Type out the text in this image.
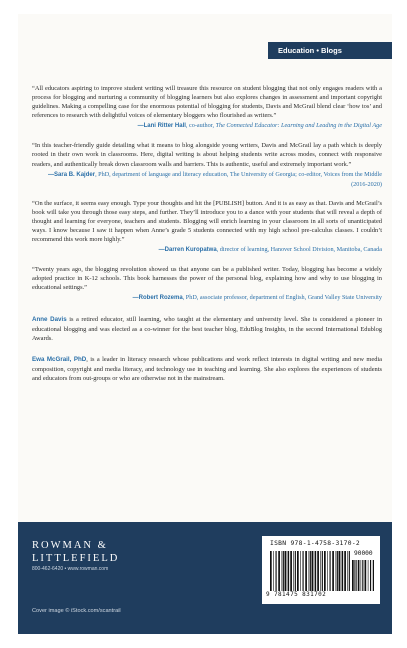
Education • Blogs

“All educators aspiring to improve student writing will treasure this resource on student blogging that not only engages readers with a process for blogging and nurturing a community of blogging learners but also explores changes in assessment and important copyright guidelines. Making a compelling case for the enormous potential of blogging for students, Davis and McGrail blend clear ‘how tos’ and references to research with delightful voices of elementary bloggers who flourished as writers.”

—Lani Ritter Hall, co-author, The Connected Educator: Learning and Leading in the Digital Age

“In this teacher-friendly guide detailing what it means to blog alongside young writers, Davis and McGrail lay a path which is deeply rooted in their own work in classrooms. Here, digital writing is about helping students write across modes, connect with responsive readers, and authentically break down classroom walls and barriers. This is authentic, useful and extremely important work.”

—Sara B. Kajder, PhD, department of language and literacy education, The University of Georgia; co-editor, Voices from the Middle (2016-2020)

“On the surface, it seems easy enough. Type your thoughts and hit the [PUBLISH] button. And it is as easy as that. Davis and McGrail’s book will take you through those easy steps, and further. They’ll introduce you to a dance with your students that will reveal a depth of thought and learning for everyone, teachers and students. Blogging will enrich learning in your classroom in all sorts of unanticipated ways. I know because I saw it happen when Anne’s grade 5 students connected with my high school pre-calculus classes. I couldn’t recommend this work more highly.”

—Darren Kuropatwa, director of learning, Hanover School Division, Manitoba, Canada

“Twenty years ago, the blogging revolution showed us that anyone can be a published writer. Today, blogging has become a widely adopted practice in K-12 schools. This book harnesses the power of the personal blog, explaining how and why to use blogging in educational settings.”

—Robert Rozema, PhD, associate professor, department of English, Grand Valley State University

Anne Davis is a retired educator, still learning, who taught at the elementary and university level. She is considered a pioneer in educational blogging and was elected as a co-winner for the best teacher blog, EduBlog Insights, in the second International Edublog Awards.

Ewa McGrail, PhD, is a leader in literacy research whose publications and work reflect interests in digital writing and new media composition, copyright and media literacy, and technology use in teaching and learning. She also explores the experiences of students and educators from out-groups or who are otherwise not in the mainstream.

ROWMAN &
LITTLEFIELD
800-462-6420 • www.rowman.com
Cover image © iStock.com/scantrail
ISBN 978-1-4758-3170-2
90000
9 781475 831702
